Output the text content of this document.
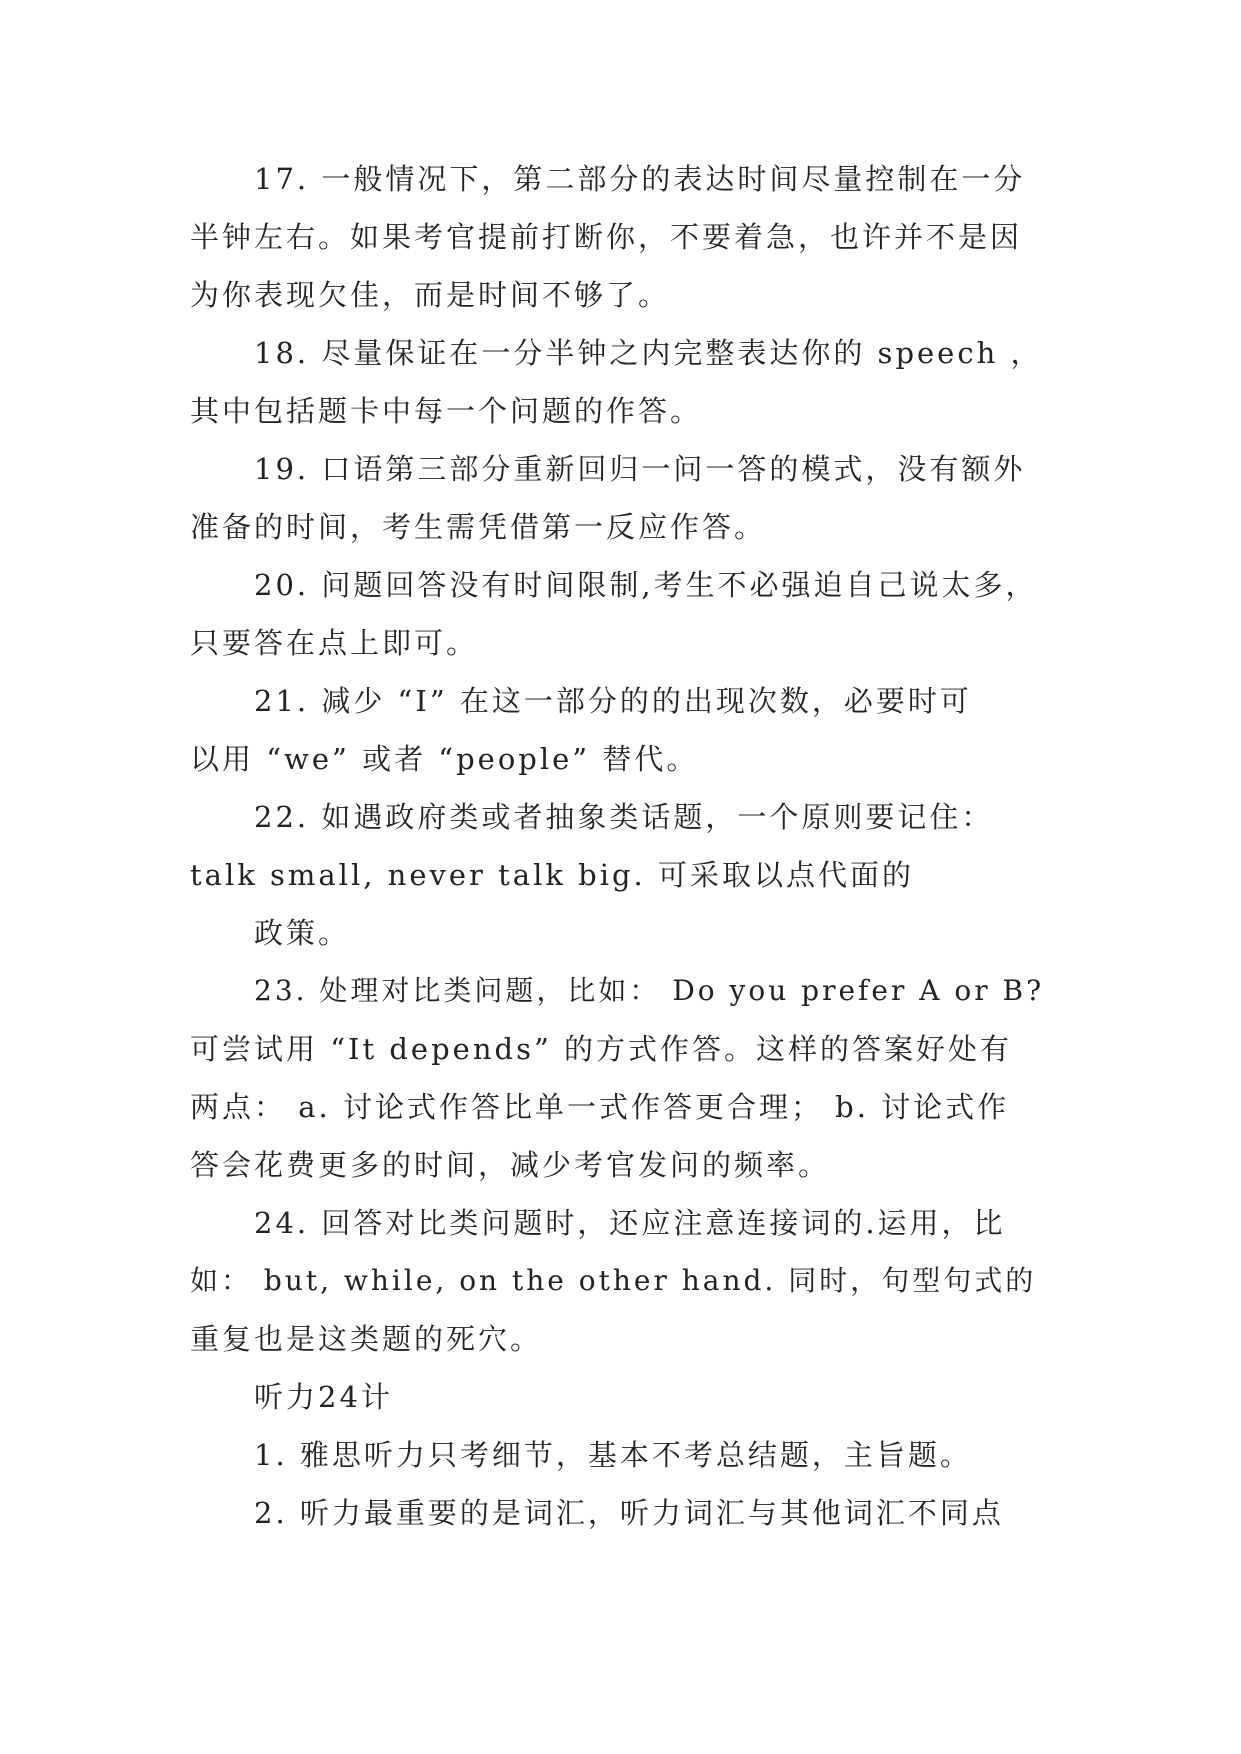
17. 一般情况下，第二部分的表达时间尽量控制在一分
半钟左右。如果考官提前打断你，不要着急，也许并不是因
为你表现欠佳，而是时间不够了。
18. 尽量保证在一分半钟之内完整表达你的 speech ，
其中包括题卡中每一个问题的作答。
19. 口语第三部分重新回归一问一答的模式，没有额外
准备的时间，考生需凭借第一反应作答。
20. 问题回答没有时间限制,考生不必强迫自己说太多，
只要答在点上即可。
21. 减少 “I” 在这一部分的的出现次数，必要时可
以用 “we” 或者 “people” 替代。
22. 如遇政府类或者抽象类话题，一个原则要记住：
talk small, never talk big. 可采取以点代面的
政策。
23. 处理对比类问题，比如： Do you prefer A or B?
可尝试用 “It depends” 的方式作答。这样的答案好处有
两点： a. 讨论式作答比单一式作答更合理； b. 讨论式作
答会花费更多的时间，减少考官发问的频率。
24. 回答对比类问题时，还应注意连接词的.运用，比
如： but, while, on the other hand. 同时，句型句式的
重复也是这类题的死穴。
听力24计
1. 雅思听力只考细节，基本不考总结题，主旨题。
2. 听力最重要的是词汇，听力词汇与其他词汇不同点
